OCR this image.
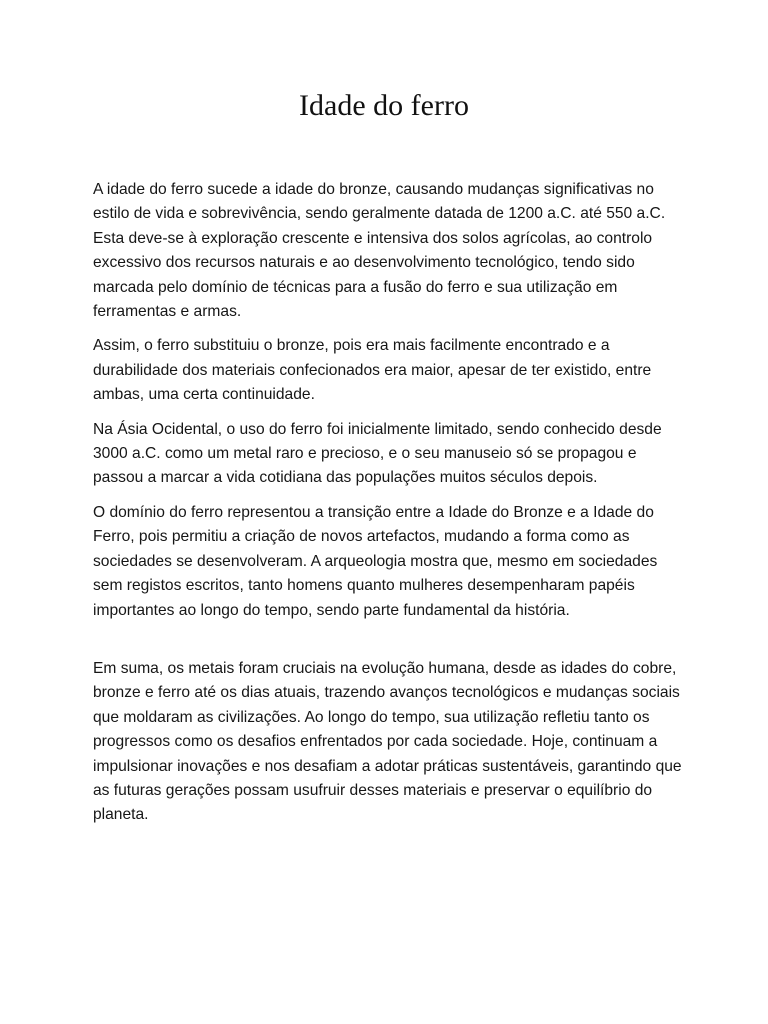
Idade do ferro

A idade do ferro sucede a idade do bronze, causando mudanças significativas no estilo de vida e sobrevivência, sendo geralmente datada de 1200 a.C. até 550 a.C. Esta deve-se à exploração crescente e intensiva dos solos agrícolas, ao controlo excessivo dos recursos naturais e ao desenvolvimento tecnológico, tendo sido marcada pelo domínio de técnicas para a fusão do ferro e sua utilização em ferramentas e armas.

Assim, o ferro substituiu o bronze, pois era mais facilmente encontrado e a durabilidade dos materiais confecionados era maior, apesar de ter existido, entre ambas, uma certa continuidade.

Na Ásia Ocidental, o uso do ferro foi inicialmente limitado, sendo conhecido desde 3000 a.C. como um metal raro e precioso, e o seu manuseio só se propagou e passou a marcar a vida cotidiana das populações muitos séculos depois.

O domínio do ferro representou a transição entre a Idade do Bronze e a Idade do Ferro, pois permitiu a criação de novos artefactos, mudando a forma como as sociedades se desenvolveram. A arqueologia mostra que, mesmo em sociedades sem registos escritos, tanto homens quanto mulheres desempenharam papéis importantes ao longo do tempo, sendo parte fundamental da história.

Em suma, os metais foram cruciais na evolução humana, desde as idades do cobre, bronze e ferro até os dias atuais, trazendo avanços tecnológicos e mudanças sociais que moldaram as civilizações. Ao longo do tempo, sua utilização refletiu tanto os progressos como os desafios enfrentados por cada sociedade. Hoje, continuam a impulsionar inovações e nos desafiam a adotar práticas sustentáveis, garantindo que as futuras gerações possam usufruir desses materiais e preservar o equilíbrio do planeta.
